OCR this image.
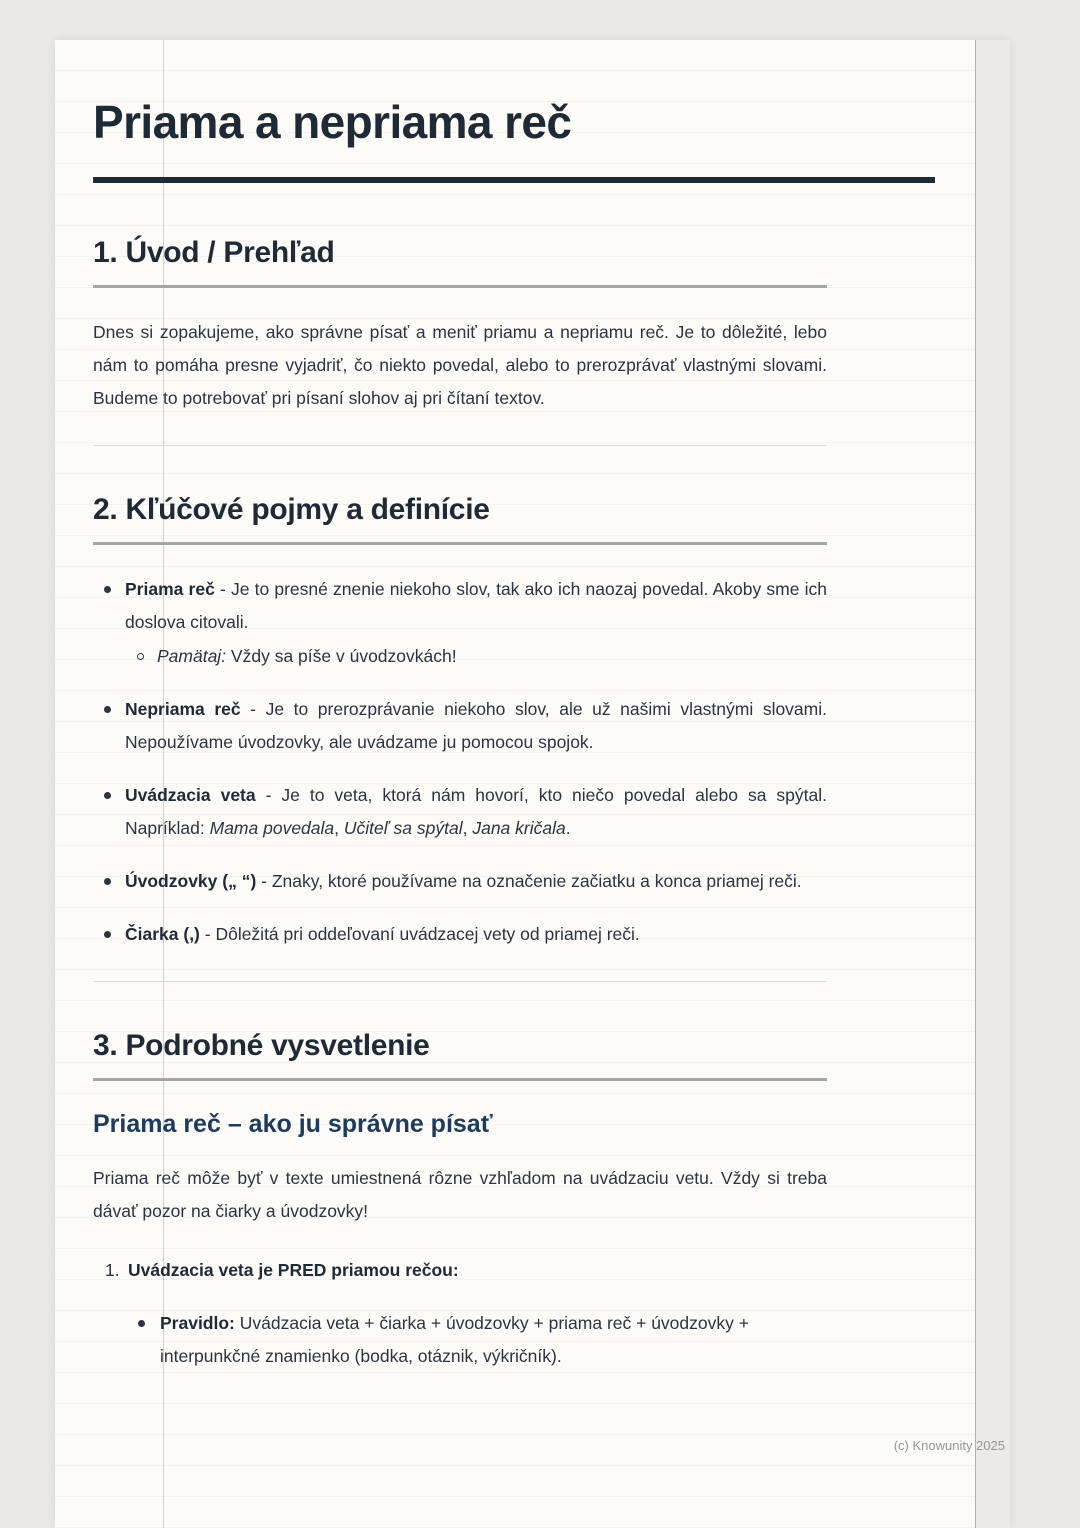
Priama a nepriama reč
1. Úvod / Prehľad

Dnes si zopakujeme, ako správne písať a meniť priamu a nepriamu reč. Je to dôležité, lebo nám to pomáha presne vyjadriť, čo niekto povedal, alebo to prerozprávať vlastnými slovami. Budeme to potrebovať pri písaní slohov aj pri čítaní textov.

2. Kľúčové pojmy a definície
Priama reč - Je to presné znenie niekoho slov, tak ako ich naozaj povedal. Akoby sme ich doslova citovali.
Pamätaj: Vždy sa píše v úvodzovkách!
Nepriama reč - Je to prerozprávanie niekoho slov, ale už našimi vlastnými slovami. Nepoužívame úvodzovky, ale uvádzame ju pomocou spojok.
Uvádzacia veta - Je to veta, ktorá nám hovorí, kto niečo povedal alebo sa spýtal. Napríklad: Mama povedala, Učiteľ sa spýtal, Jana kričala.
Úvodzovky („ “) - Znaky, ktoré používame na označenie začiatku a konca priamej reči.
Čiarka (,) - Dôležitá pri oddeľovaní uvádzacej vety od priamej reči.
3. Podrobné vysvetlenie
Priama reč – ako ju správne písať

Priama reč môže byť v texte umiestnená rôzne vzhľadom na uvádzaciu vetu. Vždy si treba dávať pozor na čiarky a úvodzovky!

1. Uvádzacia veta je PRED priamou rečou:
Pravidlo: Uvádzacia veta + čiarka + úvodzovky + priama reč + úvodzovky + interpunkčné znamienko (bodka, otáznik, výkričník).
(c) Knowunity 2025
